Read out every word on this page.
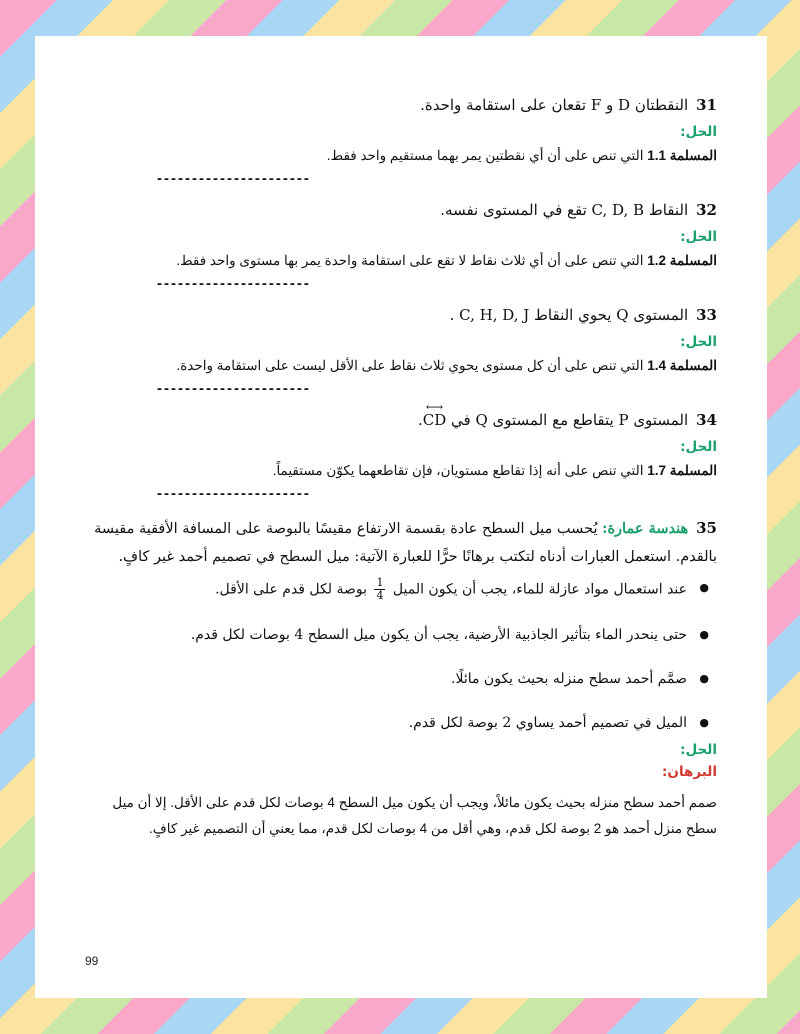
31النقطتان D و F تقعان على استقامة واحدة.

الحل:

المسلمة 1.1 التي تنص على أن أي نقطتين يمر بهما مستقيم واحد فقط.

----------------------

32النقاط C, D, B تقع في المستوى نفسه.

الحل:

المسلمة 1.2 التي تنص على أن أي ثلاث نقاط لا تقع على استقامة واحدة يمر بها مستوى واحد فقط.

----------------------

33المستوى Q يحوي النقاط C, H, D, J .

الحل:

المسلمة 1.4 التي تنص على أن كل مستوى يحوي ثلاث نقاط على الأقل ليست على استقامة واحدة.

----------------------

34المستوى P يتقاطع مع المستوى Q في ⟷ CD.

الحل:

المسلمة 1.7 التي تنص على أنه إذا تقاطع مستويان، فإن تقاطعهما يكوّن مستقيماً.

----------------------

35هندسة عمارة: يُحسب ميل السطح عادة بقسمة الارتفاع مقيسًا بالبوصة على المسافة الأفقية مقيسة بالقدم. استعمل العبارات أدناه لتكتب برهانًا حرًّا للعبارة الآتية: ميل السطح في تصميم أحمد غير كافٍ.

● عند استعمال مواد عازلة للماء، يجب أن يكون الميل
$\frac{1}{4}$
بوصة لكل قدم على الأقل.
● حتى ينحدر الماء بتأثير الجاذبية الأرضية، يجب أن يكون ميل السطح 4 بوصات لكل قدم.
● صمَّم أحمد سطح منزله بحيث يكون مائلًا.
● الميل في تصميم أحمد يساوي 2 بوصة لكل قدم.
الحل:
البرهان:

صمم أحمد سطح منزله بحيث يكون مائلاً، ويجب أن يكون ميل السطح 4 بوصات لكل قدم على الأقل. إلا أن ميل سطح منزل أحمد هو 2 بوصة لكل قدم، وهي أقل من 4 بوصات لكل قدم، مما يعني أن التصميم غير كافٍ.

99
